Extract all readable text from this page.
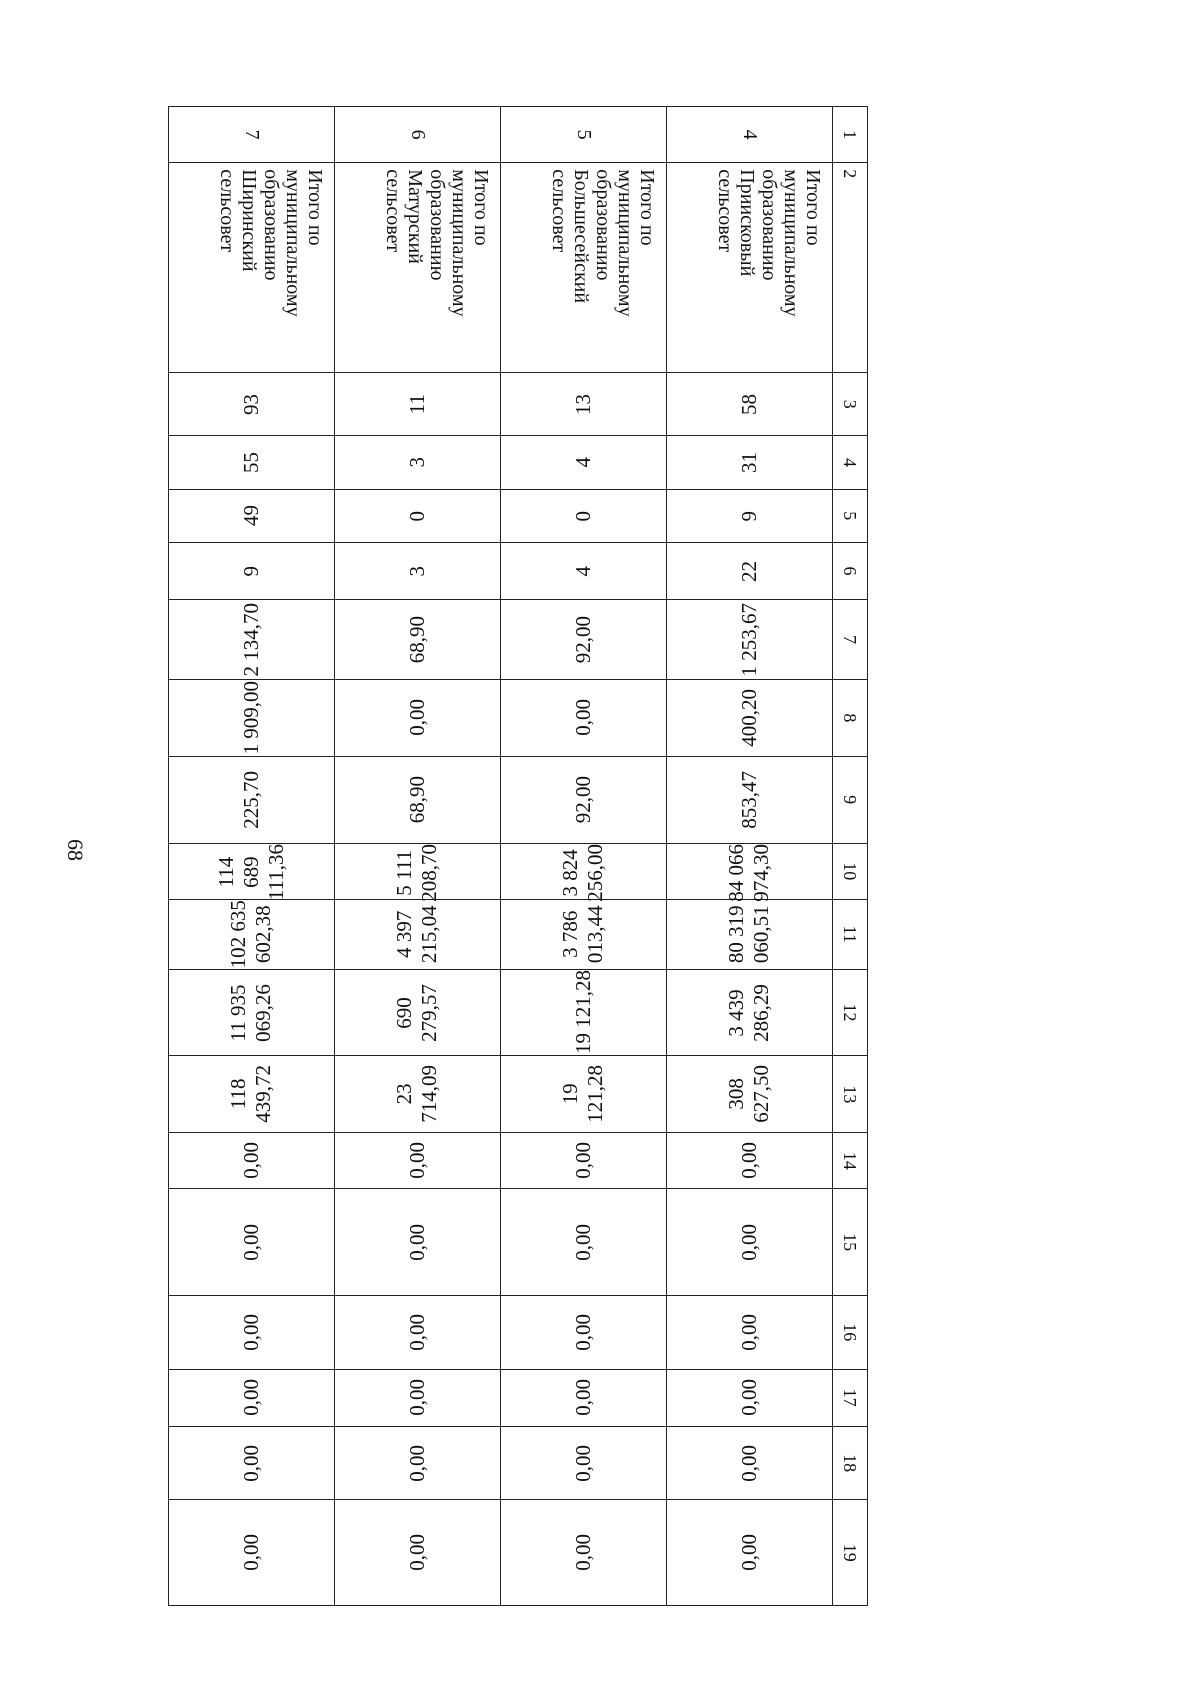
68
1	2	3	4	5	6	7	8	9	10	11	12	13	14	15	16	17	18	19
4	Итого по
муниципальному
образованию
Приисковый
сельсовет	58	31	9	22	1 253,67	400,20	853,47	84 066 974,30	80 319 060,51	3 439 286,29	308 627,50	0,00	0,00	0,00	0,00	0,00	0,00
5	Итого по
муниципальному
образованию
Большесейский
сельсовет	13	4	0	4	92,00	0,00	92,00	3 824 256,00	3 786 013,44	19 121,28	19 121,28	0,00	0,00	0,00	0,00	0,00	0,00
6	Итого по
муниципальному
образованию
Матурский
сельсовет	11	3	0	3	68,90	0,00	68,90	5 111 208,70	4 397 215,04	690 279,57	23 714,09	0,00	0,00	0,00	0,00	0,00	0,00
7	Итого по
муниципальному
образованию
Ширинский
сельсовет	93	55	49	9	2 134,70	1 909,00	225,70	114 689 111,36	102 635 602,38	11 935 069,26	118 439,72	0,00	0,00	0,00	0,00	0,00	0,00
